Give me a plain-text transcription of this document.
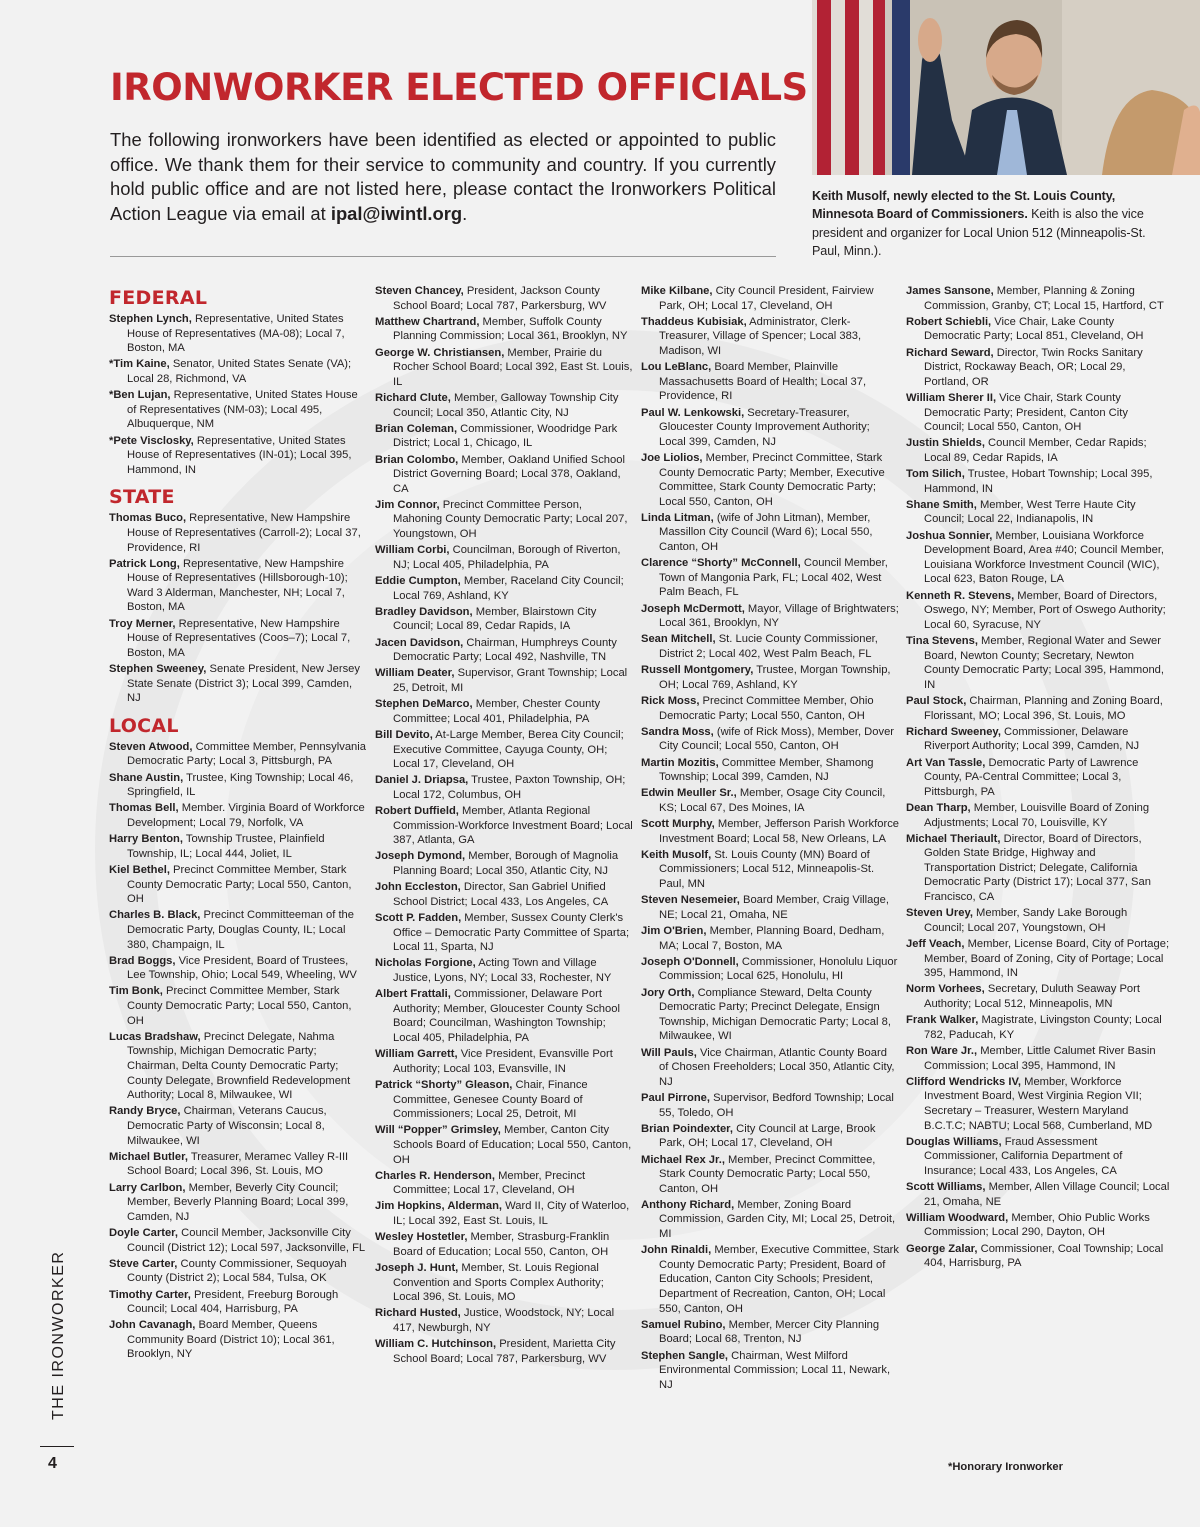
IRONWORKER ELECTED OFFICIALS

The following ironworkers have been identified as elected or appointed to public office. We thank them for their service to community and country. If you currently hold public office and are not listed here, please contact the Ironworkers Political Action League via email at ipal@iwintl.org.

Keith Musolf, newly elected to the St. Louis County, Minnesota Board of Commissioners. Keith is also the vice president and organizer for Local Union 512 (Minneapolis-St. Paul, Minn.).

FEDERAL

Stephen Lynch, Representative, United States House of Representatives (MA-08); Local 7, Boston, MA

*Tim Kaine, Senator, United States Senate (VA); Local 28, Richmond, VA

*Ben Lujan, Representative, United States House of Representatives (NM-03); Local 495, Albuquerque, NM

*Pete Visclosky, Representative, United States House of Representatives (IN-01); Local 395, Hammond, IN

STATE

Thomas Buco, Representative, New Hampshire House of Representatives (Carroll-2); Local 37, Providence, RI

Patrick Long, Representative, New Hampshire House of Representatives (Hillsborough-10); Ward 3 Alderman, Manchester, NH; Local 7, Boston, MA

Troy Merner, Representative, New Hampshire House of Representatives (Coos–7); Local 7, Boston, MA

Stephen Sweeney, Senate President, New Jersey State Senate (District 3); Local 399, Camden, NJ

LOCAL

Steven Atwood, Committee Member, Pennsylvania Democratic Party; Local 3, Pittsburgh, PA

Shane Austin, Trustee, King Township; Local 46, Springfield, IL

Thomas Bell, Member. Virginia Board of Workforce Development; Local 79, Norfolk, VA

Harry Benton, Township Trustee, Plainfield Township, IL; Local 444, Joliet, IL

Kiel Bethel, Precinct Committee Member, Stark County Democratic Party; Local 550, Canton, OH

Charles B. Black, Precinct Committeeman of the Democratic Party, Douglas County, IL; Local 380, Champaign, IL

Brad Boggs, Vice President, Board of Trustees, Lee Township, Ohio; Local 549, Wheeling, WV

Tim Bonk, Precinct Committee Member, Stark County Democratic Party; Local 550, Canton, OH

Lucas Bradshaw, Precinct Delegate, Nahma Township, Michigan Democratic Party; Chairman, Delta County Democratic Party; County Delegate, Brownfield Redevelopment Authority; Local 8, Milwaukee, WI

Randy Bryce, Chairman, Veterans Caucus, Democratic Party of Wisconsin; Local 8, Milwaukee, WI

Michael Butler, Treasurer, Meramec Valley R-III School Board; Local 396, St. Louis, MO

Larry Carlbon, Member, Beverly City Council; Member, Beverly Planning Board; Local 399, Camden, NJ

Doyle Carter, Council Member, Jacksonville City Council (District 12); Local 597, Jacksonville, FL

Steve Carter, County Commissioner, Sequoyah County (District 2); Local 584, Tulsa, OK

Timothy Carter, President, Freeburg Borough Council; Local 404, Harrisburg, PA

John Cavanagh, Board Member, Queens Community Board (District 10); Local 361, Brooklyn, NY

Steven Chancey, President, Jackson County School Board; Local 787, Parkersburg, WV

Matthew Chartrand, Member, Suffolk County Planning Commission; Local 361, Brooklyn, NY

George W. Christiansen, Member, Prairie du Rocher School Board; Local 392, East St. Louis, IL

Richard Clute, Member, Galloway Township City Council; Local 350, Atlantic City, NJ

Brian Coleman, Commissioner, Woodridge Park District; Local 1, Chicago, IL

Brian Colombo, Member, Oakland Unified School District Governing Board; Local 378, Oakland, CA

Jim Connor, Precinct Committee Person, Mahoning County Democratic Party; Local 207, Youngstown, OH

William Corbi, Councilman, Borough of Riverton, NJ; Local 405, Philadelphia, PA

Eddie Cumpton, Member, Raceland City Council; Local 769, Ashland, KY

Bradley Davidson, Member, Blairstown City Council; Local 89, Cedar Rapids, IA

Jacen Davidson, Chairman, Humphreys County Democratic Party; Local 492, Nashville, TN

William Deater, Supervisor, Grant Township; Local 25, Detroit, MI

Stephen DeMarco, Member, Chester County Committee; Local 401, Philadelphia, PA

Bill Devito, At-Large Member, Berea City Council; Executive Committee, Cayuga County, OH; Local 17, Cleveland, OH

Daniel J. Driapsa, Trustee, Paxton Township, OH; Local 172, Columbus, OH

Robert Duffield, Member, Atlanta Regional Commission-Workforce Investment Board; Local 387, Atlanta, GA

Joseph Dymond, Member, Borough of Magnolia Planning Board; Local 350, Atlantic City, NJ

John Eccleston, Director, San Gabriel Unified School District; Local 433, Los Angeles, CA

Scott P. Fadden, Member, Sussex County Clerk's Office – Democratic Party Committee of Sparta; Local 11, Sparta, NJ

Nicholas Forgione, Acting Town and Village Justice, Lyons, NY; Local 33, Rochester, NY

Albert Frattali, Commissioner, Delaware Port Authority; Member, Gloucester County School Board; Councilman, Washington Township; Local 405, Philadelphia, PA

William Garrett, Vice President, Evansville Port Authority; Local 103, Evansville, IN

Patrick “Shorty” Gleason, Chair, Finance Committee, Genesee County Board of Commissioners; Local 25, Detroit, MI

Will “Popper” Grimsley, Member, Canton City Schools Board of Education; Local 550, Canton, OH

Charles R. Henderson, Member, Precinct Committee; Local 17, Cleveland, OH

Jim Hopkins, Alderman, Ward II, City of Waterloo, IL; Local 392, East St. Louis, IL

Wesley Hostetler, Member, Strasburg-Franklin Board of Education; Local 550, Canton, OH

Joseph J. Hunt, Member, St. Louis Regional Convention and Sports Complex Authority; Local 396, St. Louis, MO

Richard Husted, Justice, Woodstock, NY; Local 417, Newburgh, NY

William C. Hutchinson, President, Marietta City School Board; Local 787, Parkersburg, WV

Mike Kilbane, City Council President, Fairview Park, OH; Local 17, Cleveland, OH

Thaddeus Kubisiak, Administrator, Clerk-Treasurer, Village of Spencer; Local 383, Madison, WI

Lou LeBlanc, Board Member, Plainville Massachusetts Board of Health; Local 37, Providence, RI

Paul W. Lenkowski, Secretary-Treasurer, Gloucester County Improvement Authority; Local 399, Camden, NJ

Joe Liolios, Member, Precinct Committee, Stark County Democratic Party; Member, Executive Committee, Stark County Democratic Party; Local 550, Canton, OH

Linda Litman, (wife of John Litman), Member, Massillon City Council (Ward 6); Local 550, Canton, OH

Clarence “Shorty” McConnell, Council Member, Town of Mangonia Park, FL; Local 402, West Palm Beach, FL

Joseph McDermott, Mayor, Village of Brightwaters; Local 361, Brooklyn, NY

Sean Mitchell, St. Lucie County Commissioner, District 2; Local 402, West Palm Beach, FL

Russell Montgomery, Trustee, Morgan Township, OH; Local 769, Ashland, KY

Rick Moss, Precinct Committee Member, Ohio Democratic Party; Local 550, Canton, OH

Sandra Moss, (wife of Rick Moss), Member, Dover City Council; Local 550, Canton, OH

Martin Mozitis, Committee Member, Shamong Township; Local 399, Camden, NJ

Edwin Meuller Sr., Member, Osage City Council, KS; Local 67, Des Moines, IA

Scott Murphy, Member, Jefferson Parish Workforce Investment Board; Local 58, New Orleans, LA

Keith Musolf, St. Louis County (MN) Board of Commissioners; Local 512, Minneapolis-St. Paul, MN

Steven Nesemeier, Board Member, Craig Village, NE; Local 21, Omaha, NE

Jim O'Brien, Member, Planning Board, Dedham, MA; Local 7, Boston, MA

Joseph O'Donnell, Commissioner, Honolulu Liquor Commission; Local 625, Honolulu, HI

Jory Orth, Compliance Steward, Delta County Democratic Party; Precinct Delegate, Ensign Township, Michigan Democratic Party; Local 8, Milwaukee, WI

Will Pauls, Vice Chairman, Atlantic County Board of Chosen Freeholders; Local 350, Atlantic City, NJ

Paul Pirrone, Supervisor, Bedford Township; Local 55, Toledo, OH

Brian Poindexter, City Council at Large, Brook Park, OH; Local 17, Cleveland, OH

Michael Rex Jr., Member, Precinct Committee, Stark County Democratic Party; Local 550, Canton, OH

Anthony Richard, Member, Zoning Board Commission, Garden City, MI; Local 25, Detroit, MI

John Rinaldi, Member, Executive Committee, Stark County Democratic Party; President, Board of Education, Canton City Schools; President, Department of Recreation, Canton, OH; Local 550, Canton, OH

Samuel Rubino, Member, Mercer City Planning Board; Local 68, Trenton, NJ

Stephen Sangle, Chairman, West Milford Environmental Commission; Local 11, Newark, NJ

James Sansone, Member, Planning & Zoning Commission, Granby, CT; Local 15, Hartford, CT

Robert Schiebli, Vice Chair, Lake County Democratic Party; Local 851, Cleveland, OH

Richard Seward, Director, Twin Rocks Sanitary District, Rockaway Beach, OR; Local 29, Portland, OR

William Sherer II, Vice Chair, Stark County Democratic Party; President, Canton City Council; Local 550, Canton, OH

Justin Shields, Council Member, Cedar Rapids; Local 89, Cedar Rapids, IA

Tom Silich, Trustee, Hobart Township; Local 395, Hammond, IN

Shane Smith, Member, West Terre Haute City Council; Local 22, Indianapolis, IN

Joshua Sonnier, Member, Louisiana Workforce Development Board, Area #40; Council Member, Louisiana Workforce Investment Council (WIC), Local 623, Baton Rouge, LA

Kenneth R. Stevens, Member, Board of Directors, Oswego, NY; Member, Port of Oswego Authority; Local 60, Syracuse, NY

Tina Stevens, Member, Regional Water and Sewer Board, Newton County; Secretary, Newton County Democratic Party; Local 395, Hammond, IN

Paul Stock, Chairman, Planning and Zoning Board, Florissant, MO; Local 396, St. Louis, MO

Richard Sweeney, Commissioner, Delaware Riverport Authority; Local 399, Camden, NJ

Art Van Tassle, Democratic Party of Lawrence County, PA-Central Committee; Local 3, Pittsburgh, PA

Dean Tharp, Member, Louisville Board of Zoning Adjustments; Local 70, Louisville, KY

Michael Theriault, Director, Board of Directors, Golden State Bridge, Highway and Transportation District; Delegate, California Democratic Party (District 17); Local 377, San Francisco, CA

Steven Urey, Member, Sandy Lake Borough Council; Local 207, Youngstown, OH

Jeff Veach, Member, License Board, City of Portage; Member, Board of Zoning, City of Portage; Local 395, Hammond, IN

Norm Vorhees, Secretary, Duluth Seaway Port Authority; Local 512, Minneapolis, MN

Frank Walker, Magistrate, Livingston County; Local 782, Paducah, KY

Ron Ware Jr., Member, Little Calumet River Basin Commission; Local 395, Hammond, IN

Clifford Wendricks IV, Member, Workforce Investment Board, West Virginia Region VII; Secretary – Treasurer, Western Maryland B.C.T.C; NABTU; Local 568, Cumberland, MD

Douglas Williams, Fraud Assessment Commissioner, California Department of Insurance; Local 433, Los Angeles, CA

Scott Williams, Member, Allen Village Council; Local 21, Omaha, NE

William Woodward, Member, Ohio Public Works Commission; Local 290, Dayton, OH

George Zalar, Commissioner, Coal Township; Local 404, Harrisburg, PA

*Honorary Ironworker
THE IRONWORKER
4
